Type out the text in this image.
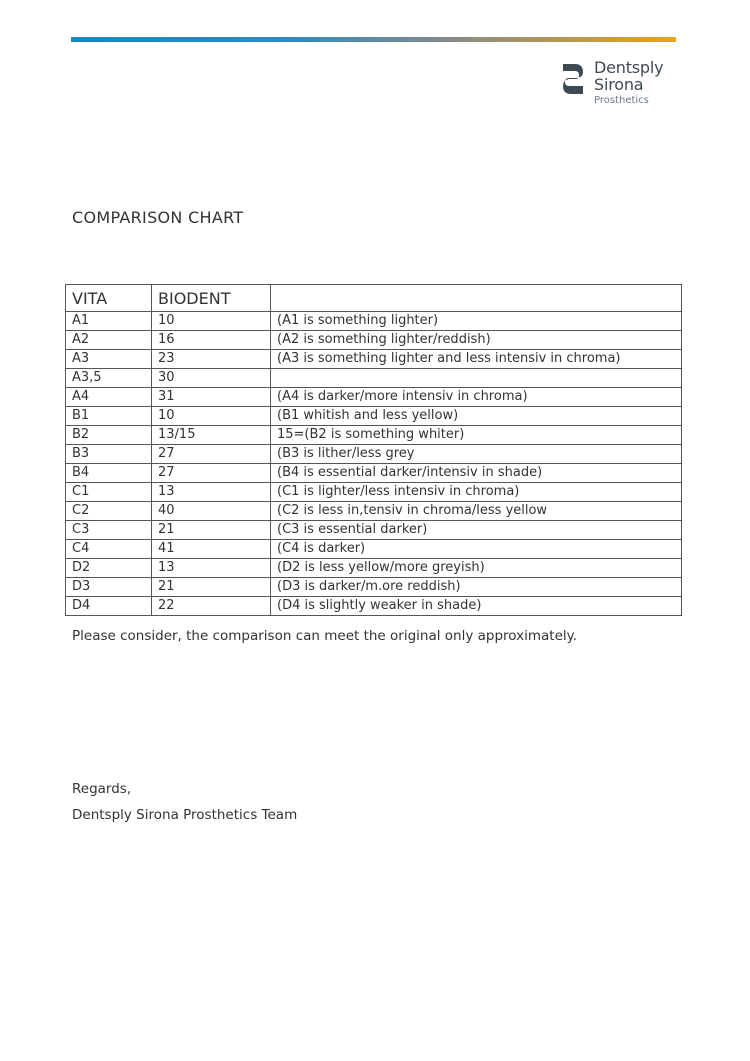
Dentsply
Sirona
Prosthetics
COMPARISON CHART
VITA	BIODENT	
A1	10	(A1 is something lighter)
A2	16	(A2 is something lighter/reddish)
A3	23	(A3 is something lighter and less intensiv in chroma)
A3,5	30	
A4	31	(A4 is darker/more intensiv in chroma)
B1	10	(B1 whitish and less yellow)
B2	13/15	15=(B2 is something whiter)
B3	27	(B3 is lither/less grey
B4	27	(B4 is essential darker/intensiv in shade)
C1	13	(C1 is lighter/less intensiv in chroma)
C2	40	(C2 is less in,tensiv in chroma/less yellow
C3	21	(C3 is essential darker)
C4	41	(C4 is darker)
D2	13	(D2 is less yellow/more greyish)
D3	21	(D3 is darker/m.ore reddish)
D4	22	(D4 is slightly weaker in shade)

Please consider, the comparison can meet the original only approximately.

Regards,

Dentsply Sirona Prosthetics Team
